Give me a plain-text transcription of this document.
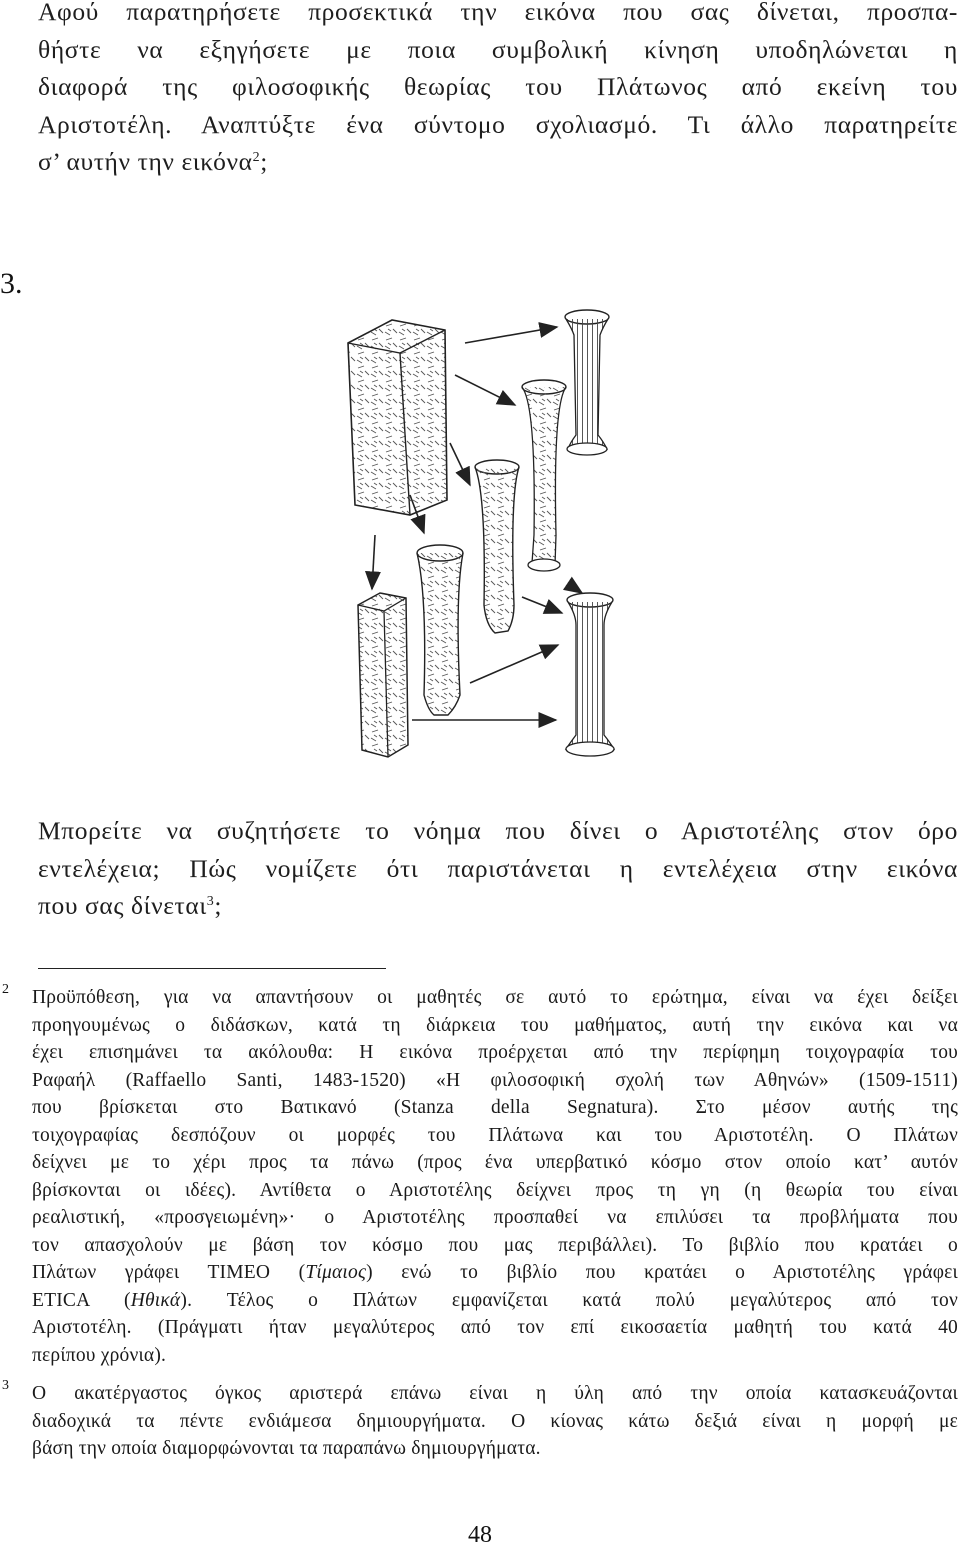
Αφού παρατηρήσετε προσεκτικά την εικόνα που σας δίνεται, προσπα-
θήστε να εξηγήσετε με ποια συμβολική κίνηση υποδηλώνεται η
διαφορά της φιλοσοφικής θεωρίας του Πλάτωνος από εκείνη του
Αριστοτέλη. Αναπτύξτε ένα σύντομο σχολιασμό. Τι άλλο παρατηρείτε
σ’ αυτήν την εικόνα$^2$;
3.
Μπορείτε να συζητήσετε το νόημα που δίνει ο Αριστοτέλης στον όρο
εντελέχεια; Πώς νομίζετε ότι παριστάνεται η εντελέχεια στην εικόνα
που σας δίνεται$^3$;
2 Προϋπόθεση, για να απαντήσουν οι μαθητές σε αυτό το ερώτημα, είναι να έχει δείξει
προηγουμένως ο διδάσκων, κατά τη διάρκεια του μαθήματος, αυτή την εικόνα και να
έχει επισημάνει τα ακόλουθα: Η εικόνα προέρχεται από την περίφημη τοιχογραφία του
Ραφαήλ (Raffaello Santi, 1483-1520) «Η φιλοσοφική σχολή των Αθηνών» (1509-1511)
που βρίσκεται στο Βατικανό (Stanza della Segnatura). Στο μέσον αυτής της
τοιχογραφίας δεσπόζουν οι μορφές του Πλάτωνα και του Αριστοτέλη. Ο Πλάτων
δείχνει με το χέρι προς τα πάνω (προς ένα υπερβατικό κόσμο στον οποίο κατ’ αυτόν
βρίσκονται οι ιδέες). Αντίθετα ο Αριστοτέλης δείχνει προς τη γη (η θεωρία του είναι
ρεαλιστική, «προσγειωμένη»· ο Αριστοτέλης προσπαθεί να επιλύσει τα προβλήματα που
τον απασχολούν με βάση τον κόσμο που μας περιβάλλει). Το βιβλίο που κρατάει ο
Πλάτων γράφει ΤΙΜΕΟ (Τίμαιος) ενώ το βιβλίο που κρατάει ο Αριστοτέλης γράφει
ETICA (Ηθικά). Τέλος ο Πλάτων εμφανίζεται κατά πολύ μεγαλύτερος από τον
Αριστοτέλη. (Πράγματι ήταν μεγαλύτερος από τον επί εικοσαετία μαθητή του κατά 40
περίπου χρόνια).
3 Ο ακατέργαστος όγκος αριστερά επάνω είναι η ύλη από την οποία κατασκευάζονται
διαδοχικά τα πέντε ενδιάμεσα δημιουργήματα. Ο κίονας κάτω δεξιά είναι η μορφή με
βάση την οποία διαμορφώνονται τα παραπάνω δημιουργήματα.
48
